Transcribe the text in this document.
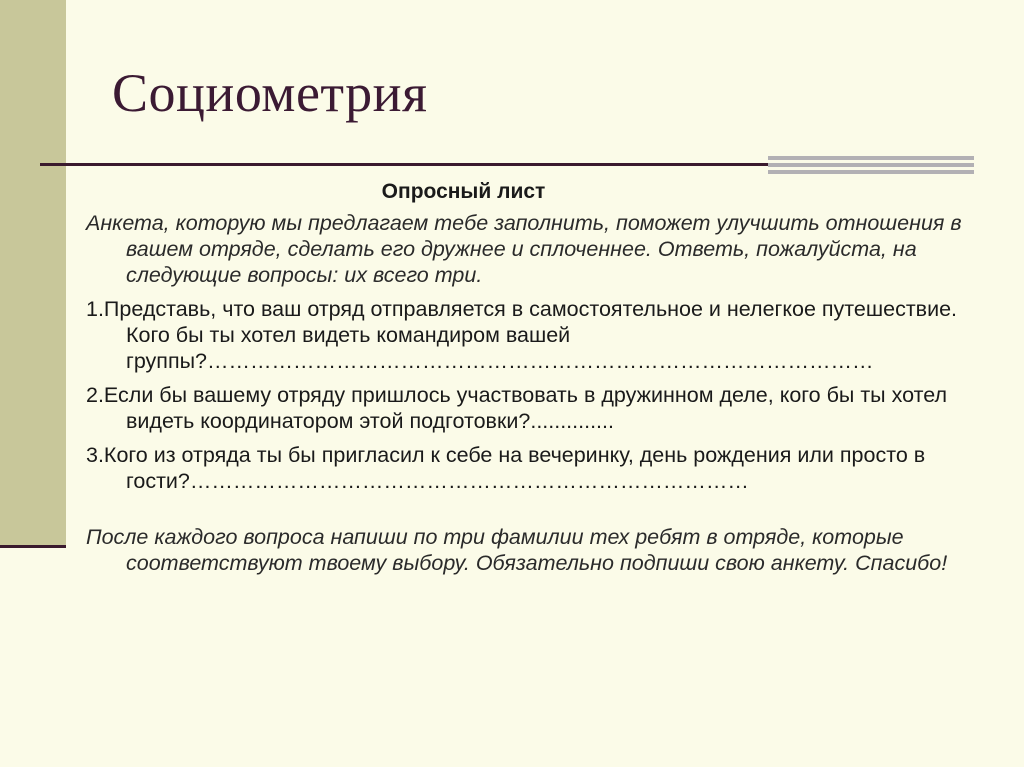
Социометрия

Опросный лист

Анкета, которую мы предлагаем тебе заполнить, поможет улучшить отношения в вашем отряде, сделать его дружнее и сплоченнее. Ответь, пожалуйста, на следующие вопросы: их всего три.

1.Представь, что ваш отряд отправляется в самостоятельное и нелегкое путешествие. Кого бы ты хотел видеть командиром вашей группы?…………………………………………………………………………………

2.Если бы вашему отряду пришлось участвовать в дружинном деле, кого бы ты хотел видеть координатором этой подготовки?..............

3.Кого из отряда ты бы пригласил к себе на вечеринку, день рождения или просто в гости?……………………………………………………………………

После каждого вопроса напиши по три фамилии тех ребят в отряде, которые соответствуют твоему выбору. Обязательно подпиши свою анкету. Спасибо!
